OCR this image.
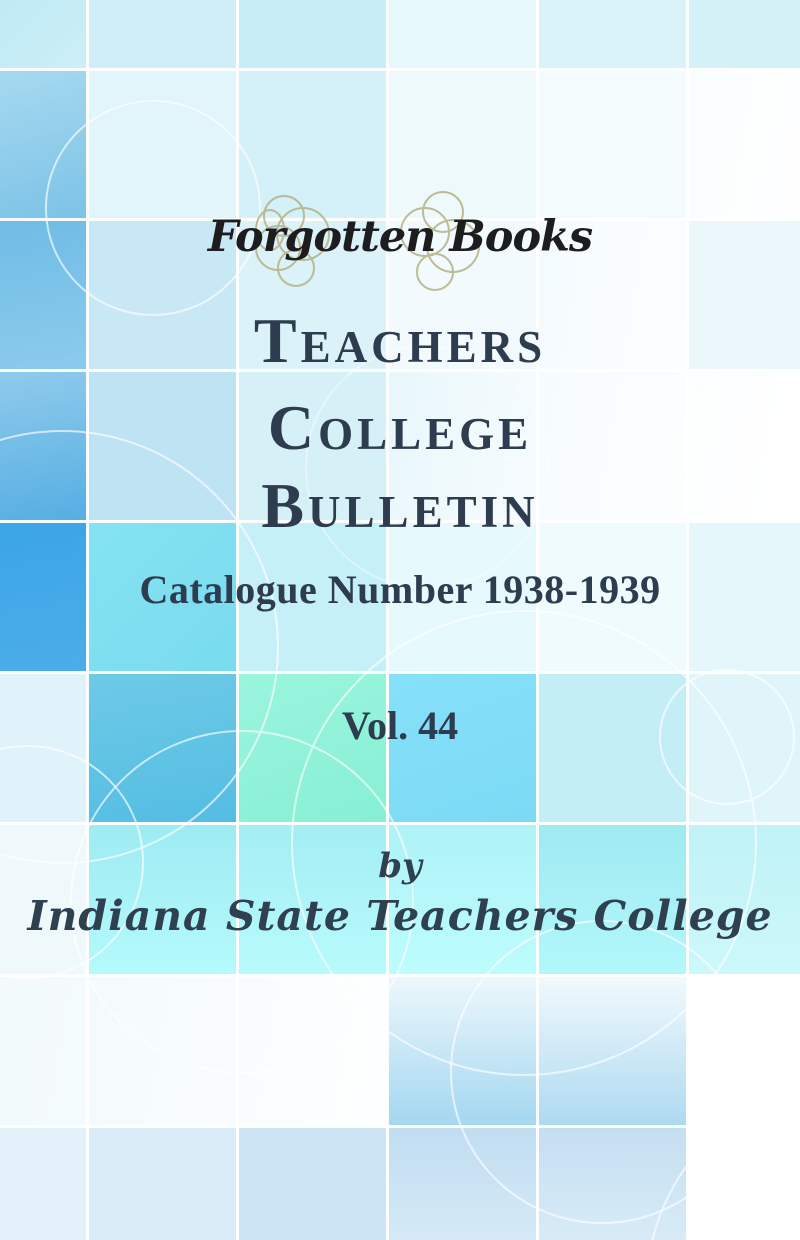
Forgotten Books
Teachers
College
Bulletin
Catalogue Number 1938-1939
Vol. 44
by
Indiana State Teachers College
